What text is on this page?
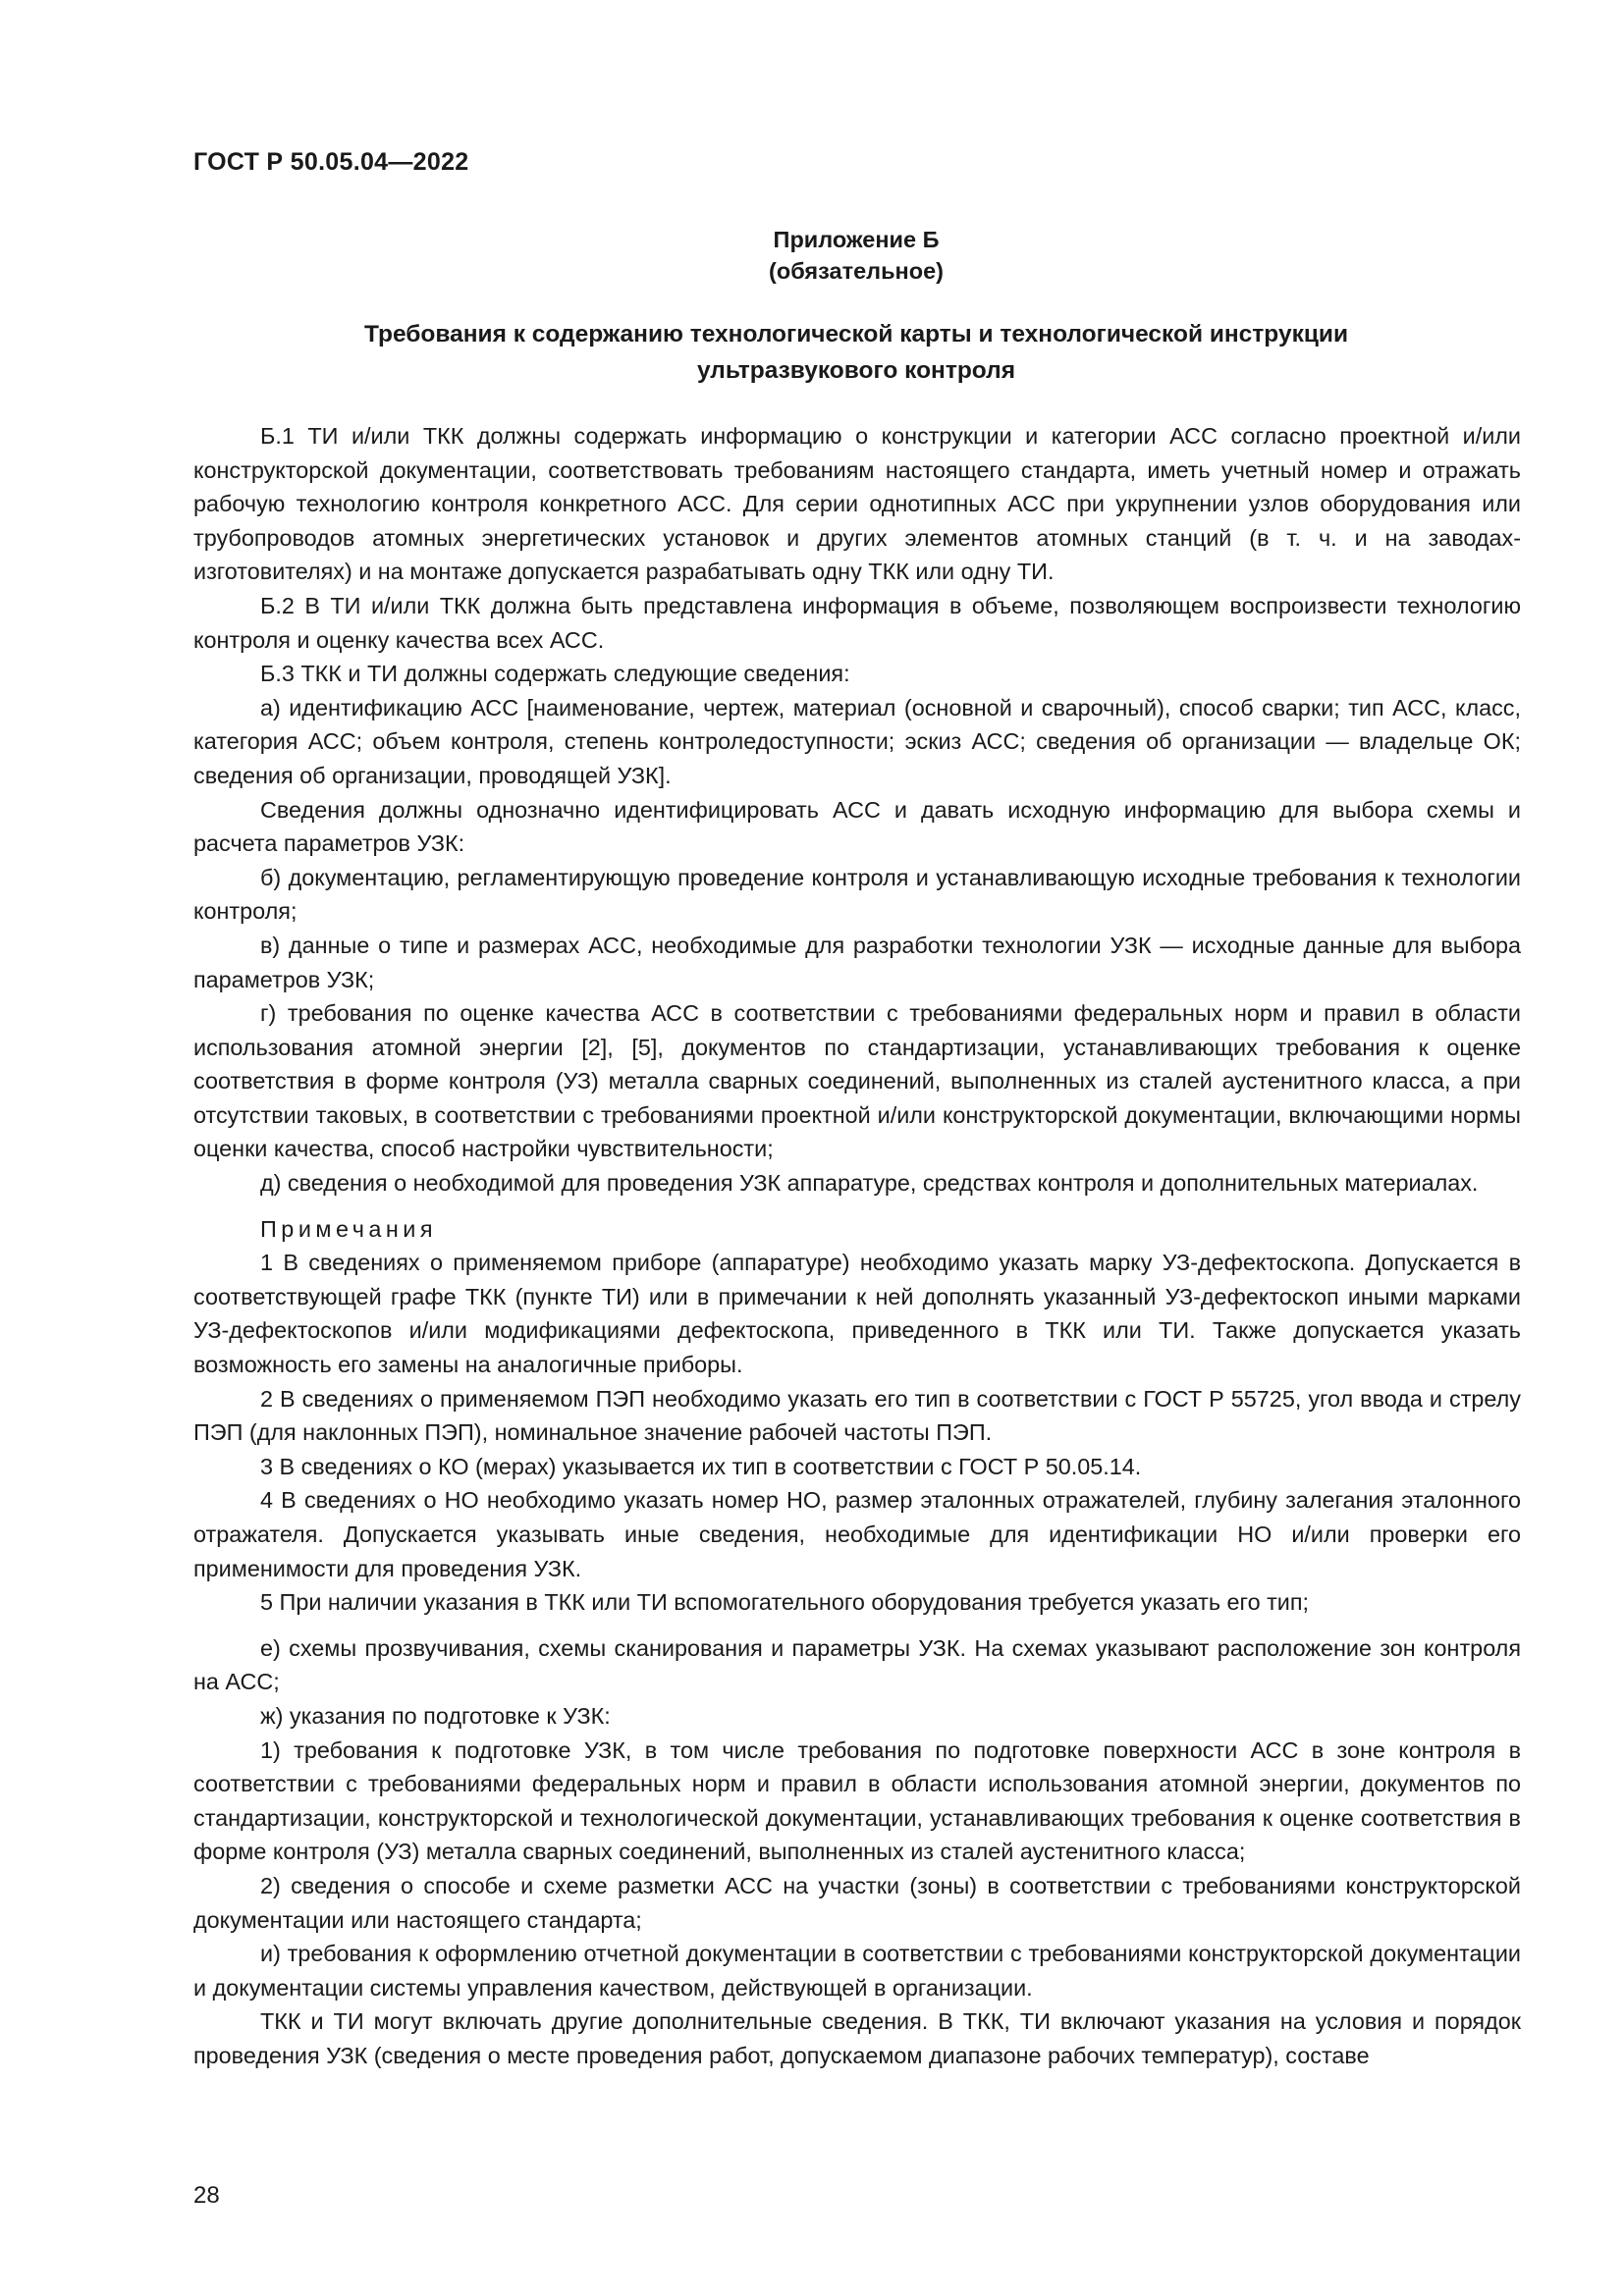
ГОСТ Р 50.05.04—2022
Приложение Б
(обязательное)
Требования к содержанию технологической карты и технологической инструкции
ультразвукового контроля

Б.1 ТИ и/или ТКК должны содержать информацию о конструкции и категории АСС согласно проектной и/или конструкторской документации, соответствовать требованиям настоящего стандарта, иметь учетный номер и отражать рабочую технологию контроля конкретного АСС. Для серии однотипных АСС при укрупнении узлов оборудования или трубопроводов атомных энергетических установок и других элементов атомных станций (в т. ч. и на заводах-изготовителях) и на монтаже допускается разрабатывать одну ТКК или одну ТИ.

Б.2 В ТИ и/или ТКК должна быть представлена информация в объеме, позволяющем воспроизвести технологию контроля и оценку качества всех АСС.

Б.3 ТКК и ТИ должны содержать следующие сведения:

а) идентификацию АСС [наименование, чертеж, материал (основной и сварочный), способ сварки; тип АСС, класс, категория АСС; объем контроля, степень контроледоступности; эскиз АСС; сведения об организации — владельце ОК; сведения об организации, проводящей УЗК].

Сведения должны однозначно идентифицировать АСС и давать исходную информацию для выбора схемы и расчета параметров УЗК:

б) документацию, регламентирующую проведение контроля и устанавливающую исходные требования к технологии контроля;

в) данные о типе и размерах АСС, необходимые для разработки технологии УЗК — исходные данные для выбора параметров УЗК;

г) требования по оценке качества АСС в соответствии с требованиями федеральных норм и правил в области использования атомной энергии [2], [5], документов по стандартизации, устанавливающих требования к оценке соответствия в форме контроля (УЗ) металла сварных соединений, выполненных из сталей аустенитного класса, а при отсутствии таковых, в соответствии с требованиями проектной и/или конструкторской документации, включающими нормы оценки качества, способ настройки чувствительности;

д) сведения о необходимой для проведения УЗК аппаратуре, средствах контроля и дополнительных материалах.

Примечания

1 В сведениях о применяемом приборе (аппаратуре) необходимо указать марку УЗ-дефектоскопа. Допускается в соответствующей графе ТКК (пункте ТИ) или в примечании к ней дополнять указанный УЗ-дефектоскоп иными марками УЗ-дефектоскопов и/или модификациями дефектоскопа, приведенного в ТКК или ТИ. Также допускается указать возможность его замены на аналогичные приборы.

2 В сведениях о применяемом ПЭП необходимо указать его тип в соответствии с ГОСТ Р 55725, угол ввода и стрелу ПЭП (для наклонных ПЭП), номинальное значение рабочей частоты ПЭП.

3 В сведениях о КО (мерах) указывается их тип в соответствии с ГОСТ Р 50.05.14.

4 В сведениях о НО необходимо указать номер НО, размер эталонных отражателей, глубину залегания эталонного отражателя. Допускается указывать иные сведения, необходимые для идентификации НО и/или проверки его применимости для проведения УЗК.

5 При наличии указания в ТКК или ТИ вспомогательного оборудования требуется указать его тип;

е) схемы прозвучивания, схемы сканирования и параметры УЗК. На схемах указывают расположение зон контроля на АСС;

ж) указания по подготовке к УЗК:

1) требования к подготовке УЗК, в том числе требования по подготовке поверхности АСС в зоне контроля в соответствии с требованиями федеральных норм и правил в области использования атомной энергии, документов по стандартизации, конструкторской и технологической документации, устанавливающих требования к оценке соответствия в форме контроля (УЗ) металла сварных соединений, выполненных из сталей аустенитного класса;

2) сведения о способе и схеме разметки АСС на участки (зоны) в соответствии с требованиями конструкторской документации или настоящего стандарта;

и) требования к оформлению отчетной документации в соответствии с требованиями конструкторской документации и документации системы управления качеством, действующей в организации.

ТКК и ТИ могут включать другие дополнительные сведения. В ТКК, ТИ включают указания на условия и порядок проведения УЗК (сведения о месте проведения работ, допускаемом диапазоне рабочих температур), составе

28
